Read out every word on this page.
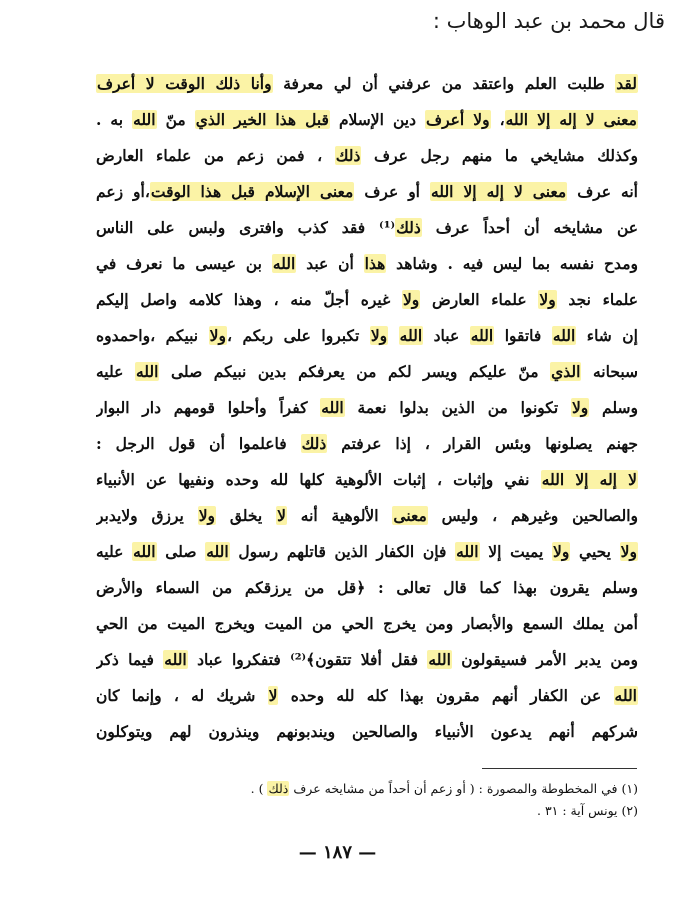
قال محمد بن عبد الوهاب :
لقد طلبت العلم واعتقد من عرفني أن لي معرفة وأنا ذلك الوقت لا أعرف
معنى لا إله إلا الله، ولا أعرف دين الإسلام قبل هذا الخير الذي منّ الله به .
وكذلك مشايخي ما منهم رجل عرف ذلك ، فمن زعم من علماء العارض
أنه عرف معنى لا إله إلا الله أو عرف معنى الإسلام قبل هذا الوقت،أو زعم
عن مشايخه أن أحداً عرف ذلك⁽¹⁾ فقد كذب وافترى ولبس على الناس
ومدح نفسه بما ليس فيه . وشاهد هذا أن عبد الله بن عيسى ما نعرف في
علماء نجد ولا علماء العارض ولا غيره أجلّ منه ، وهذا كلامه واصل إليكم
إن شاء الله فاتقوا الله عباد الله ولا تكبروا على ربكم ،ولا نبيكم ،واحمدوه
سبحانه الذي منّ عليكم ويسر لكم من يعرفكم بدين نبيكم صلى الله عليه
وسلم ولا تكونوا من الذين بدلوا نعمة الله كفراً وأحلوا قومهم دار البوار
جهنم يصلونها وبئس القرار ، إذا عرفتم ذلك فاعلموا أن قول الرجل :
لا إله إلا الله نفي وإثبات ، إثبات الألوهية كلها لله وحده ونفيها عن الأنبياء
والصالحين وغيرهم ، وليس معنى الألوهية أنه لا يخلق ولا يرزق ولايدبر
ولا يحيي ولا يميت إلا الله فإن الكفار الذين قاتلهم رسول الله صلى الله عليه
وسلم يقرون بهذا كما قال تعالى : ﴿قل من يرزقكم من السماء والأرض
أمن يملك السمع والأبصار ومن يخرج الحي من الميت ويخرج الميت من الحي
ومن يدبر الأمر فسيقولون الله فقل أفلا تتقون﴾⁽²⁾ فتفكروا عباد الله فيما ذكر
الله عن الكفار أنهم مقرون بهذا كله لله وحده لا شريك له ، وإنما كان
شركهم أنهم يدعون الأنبياء والصالحين ويندبونهم وينذرون لهم ويتوكلون
(١) في المخطوطة والمصورة : ( أو زعم أن أحداً من مشايخه عرف ذلك ) .
(٢) يونس آية : ٣١ .
— ١٨٧ —
